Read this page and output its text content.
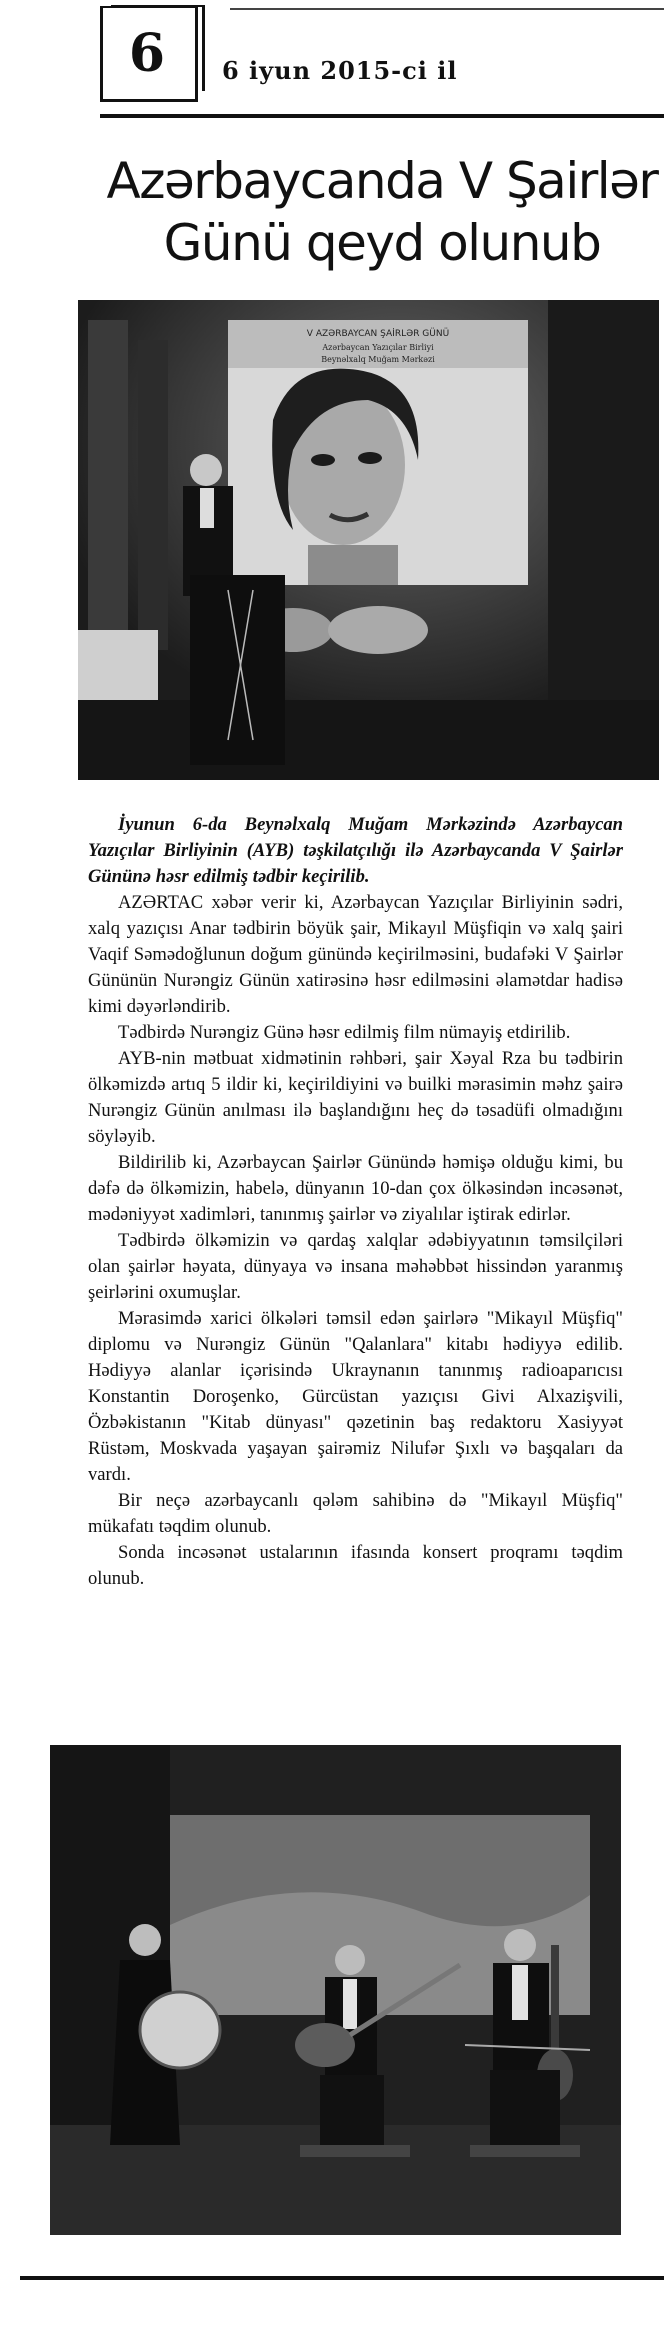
6	6 iyun 2015-ci il
Azərbaycanda V Şairlər
Günü qeyd olunub
V AZƏRBAYCAN ŞAİRLƏR GÜNÜ
Azərbaycan Yazıçılar Birliyi
Beynəlxalq Muğam Mərkəzi

İyunun 6-da Beynəlxalq Muğam Mərkəzində Azərbaycan Yazıçılar Birliyinin (AYB) təşkilatçılığı ilə Azərbaycanda V Şairlər Gününə həsr edilmiş tədbir keçirilib.

AZƏRTAC xəbər verir ki, Azərbaycan Yazıçılar Birliyinin sədri, xalq yazıçısı Anar tədbirin böyük şair, Mikayıl Müşfiqin və xalq şairi Vaqif Səmədoğlunun doğum günündə keçirilməsini, budafəki V Şairlər Gününün Nurəngiz Günün xatirəsinə həsr edilməsini əlamətdar hadisə kimi dəyərləndirib.

Tədbirdə Nurəngiz Günə həsr edilmiş film nümayiş etdirilib.

AYB-nin mətbuat xidmətinin rəhbəri, şair Xəyal Rza bu tədbirin ölkəmizdə artıq 5 ildir ki, keçirildiyini və builki mərasimin məhz şairə Nurəngiz Günün anılması ilə başlandığını heç də təsadüfi olmadığını söyləyib.

Bildirilib ki, Azərbaycan Şairlər Günündə həmişə olduğu kimi, bu dəfə də ölkəmizin, habelə, dünyanın 10-dan çox ölkəsindən incəsənət, mədəniyyət xadimləri, tanınmış şairlər və ziyalılar iştirak edirlər.

Tədbirdə ölkəmizin və qardaş xalqlar ədəbiyyatının təmsilçiləri olan şairlər həyata, dünyaya və insana məhəbbət hissindən yaranmış şeirlərini oxumuşlar.

Mərasimdə xarici ölkələri təmsil edən şairlərə "Mikayıl Müşfiq" diplomu və Nurəngiz Günün "Qalanlara" kitabı hədiyyə edilib. Hədiyyə alanlar içərisində Ukraynanın tanınmış radioaparıcısı Konstantin Doroşenko, Gürcüstan yazıçısı Givi Alxazişvili, Özbəkistanın "Kitab dünyası" qəzetinin baş redaktoru Xasiyyət Rüstəm, Moskvada yaşayan şairəmiz Nilufər Şıxlı və başqaları da vardı.

Bir neçə azərbaycanlı qələm sahibinə də "Mikayıl Müşfiq" mükafatı təqdim olunub.

Sonda incəsənət ustalarının ifasında konsert proqramı təqdim olunub.
